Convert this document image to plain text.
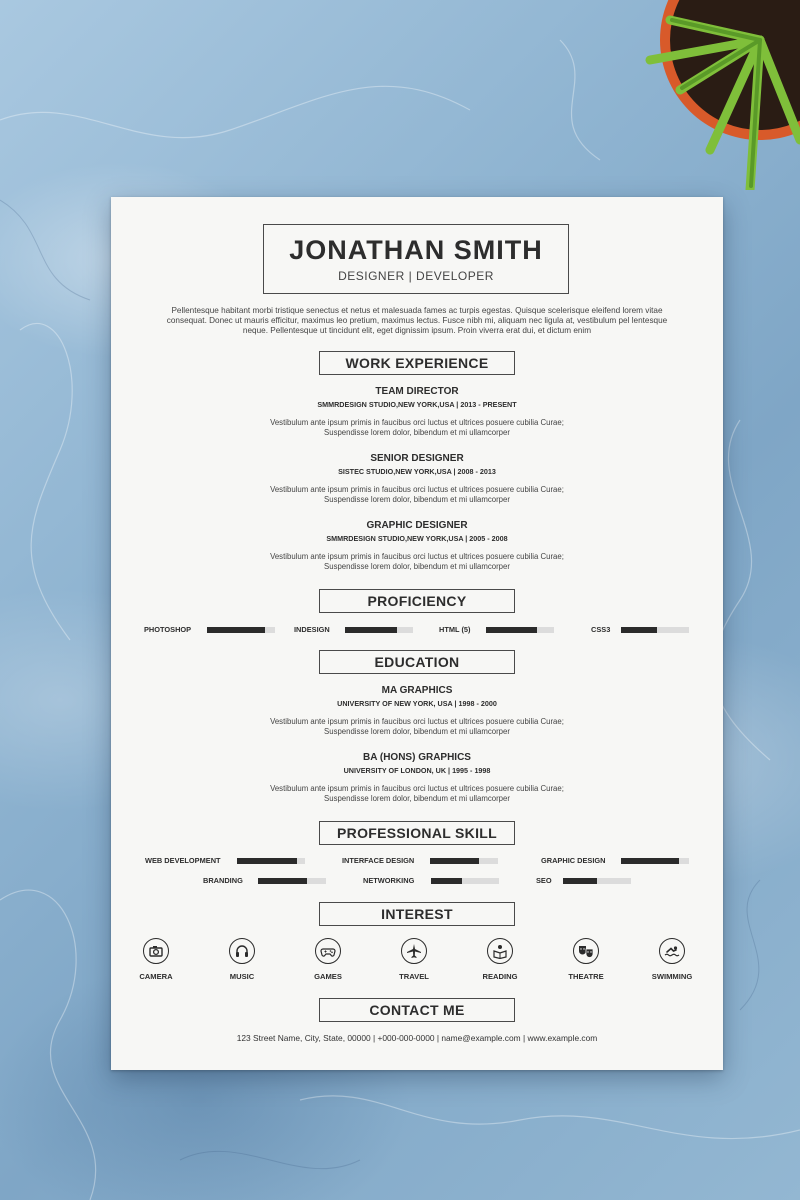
JONATHAN SMITH
DESIGNER | DEVELOPER
Pellentesque habitant morbi tristique senectus et netus et malesuada fames ac turpis egestas. Quisque scelerisque eleifend lorem vitae consequat. Donec ut mauris efficitur, maximus leo pretium, maximus lectus. Fusce nibh mi, aliquam nec ligula at, vestibulum pel lentesque neque. Pellentesque ut tincidunt elit, eget dignissim ipsum. Proin viverra erat dui, et dictum enim
WORK EXPERIENCE
TEAM DIRECTOR
SMMRDESIGN STUDIO,NEW YORK,USA | 2013 - PRESENT
Vestibulum ante ipsum primis in faucibus orci luctus et ultrices posuere cubilia Curae;
Suspendisse lorem dolor, bibendum et mi ullamcorper
SENIOR DESIGNER
SISTEC STUDIO,NEW YORK,USA | 2008 - 2013
Vestibulum ante ipsum primis in faucibus orci luctus et ultrices posuere cubilia Curae;
Suspendisse lorem dolor, bibendum et mi ullamcorper
GRAPHIC DESIGNER
SMMRDESIGN STUDIO,NEW YORK,USA | 2005 - 2008
Vestibulum ante ipsum primis in faucibus orci luctus et ultrices posuere cubilia Curae;
Suspendisse lorem dolor, bibendum et mi ullamcorper
PROFICIENCY
PHOTOSHOP	INDESIGN	HTML (5)	CSS3
EDUCATION
MA GRAPHICS
UNIVERSITY OF NEW YORK, USA | 1998 - 2000
Vestibulum ante ipsum primis in faucibus orci luctus et ultrices posuere cubilia Curae;
Suspendisse lorem dolor, bibendum et mi ullamcorper
BA (HONS) GRAPHICS
UNIVERSITY OF LONDON, UK | 1995 - 1998
Vestibulum ante ipsum primis in faucibus orci luctus et ultrices posuere cubilia Curae;
Suspendisse lorem dolor, bibendum et mi ullamcorper
PROFESSIONAL SKILL
WEB DEVELOPMENT	INTERFACE DESIGN	GRAPHIC DESIGN
BRANDING	NETWORKING	SEO
INTEREST
CAMERA	MUSIC	GAMES	TRAVEL	READING	THEATRE	SWIMMING
CONTACT ME
123 Street Name, City, State, 00000 | +000-000-0000 | name@example.com | www.example.com
